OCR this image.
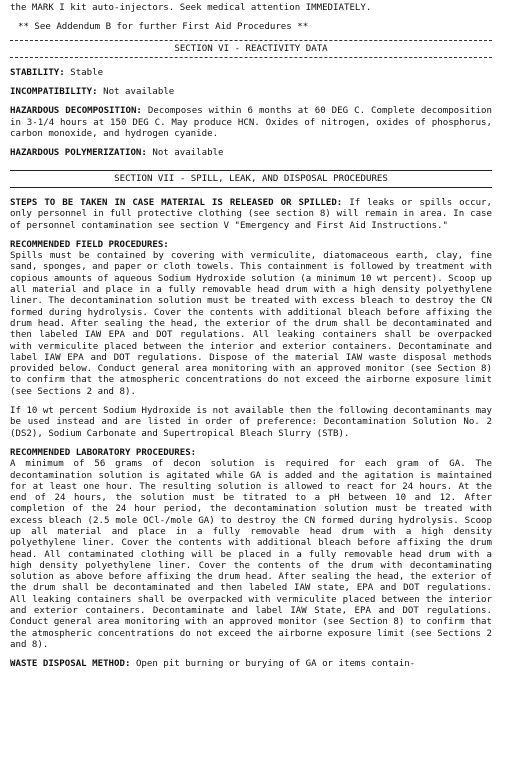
the MARK I kit auto-injectors. Seek medical attention IMMEDIATELY.

** See Addendum B for further First Aid Procedures **

SECTION VI - REACTIVITY DATA

STABILITY: Stable

INCOMPATIBILITY: Not available

HAZARDOUS DECOMPOSITION: Decomposes within 6 months at 60 DEG C. Complete decomposition in 3-1/4 hours at 150 DEG C. May produce HCN. Oxides of nitrogen, oxides of phosphorus, carbon monoxide, and hydrogen cyanide.

HAZARDOUS POLYMERIZATION: Not available

SECTION VII - SPILL, LEAK, AND DISPOSAL PROCEDURES

STEPS TO BE TAKEN IN CASE MATERIAL IS RELEASED OR SPILLED: If leaks or spills occur, only personnel in full protective clothing (see section 8) will remain in area. In case of personnel contamination see section V "Emergency and First Aid Instructions."

RECOMMENDED FIELD PROCEDURES:

Spills must be contained by covering with vermiculite, diatomaceous earth, clay, fine sand, sponges, and paper or cloth towels. This containment is followed by treatment with copious amounts of aqueous Sodium Hydroxide solution (a minimum 10 wt percent). Scoop up all material and place in a fully removable head drum with a high density polyethylene liner. The decontamination solution must be treated with excess bleach to destroy the CN formed during hydrolysis. Cover the contents with additional bleach before affixing the drum head. After sealing the head, the exterior of the drum shall be decontaminated and then labeled IAW EPA and DOT regulations. All leaking containers shall be overpacked with vermiculite placed between the interior and exterior containers. Decontaminate and label IAW EPA and DOT regulations. Dispose of the material IAW waste disposal methods provided below. Conduct general area monitoring with an approved monitor (see Section 8) to confirm that the atmospheric concentrations do not exceed the airborne exposure limit (see Sections 2 and 8).

If 10 wt percent Sodium Hydroxide is not available then the following decontaminants may be used instead and are listed in order of preference: Decontamination Solution No. 2 (DS2), Sodium Carbonate and Supertropical Bleach Slurry (STB).

RECOMMENDED LABORATORY PROCEDURES:

A minimum of 56 grams of decon solution is required for each gram of GA. The decontamination solution is agitated while GA is added and the agitation is maintained for at least one hour. The resulting solution is allowed to react for 24 hours. At the end of 24 hours, the solution must be titrated to a pH between 10 and 12. After completion of the 24 hour period, the decontamination solution must be treated with excess bleach (2.5 mole OCl-/mole GA) to destroy the CN formed during hydrolysis. Scoop up all material and place in a fully removable head drum with a high density polyethylene liner. Cover the contents with additional bleach before affixing the drum head. All contaminated clothing will be placed in a fully removable head drum with a high density polyethylene liner. Cover the contents of the drum with decontaminating solution as above before affixing the drum head. After sealing the head, the exterior of the drum shall be decontaminated and then labeled IAW state, EPA and DOT regulations. All leaking containers shall be overpacked with vermiculite placed between the interior and exterior containers. Decontaminate and label IAW State, EPA and DOT regulations. Conduct general area monitoring with an approved monitor (see Section 8) to confirm that the atmospheric concentrations do not exceed the airborne exposure limit (see Sections 2 and 8).

WASTE DISPOSAL METHOD: Open pit burning or burying of GA or items contain-
